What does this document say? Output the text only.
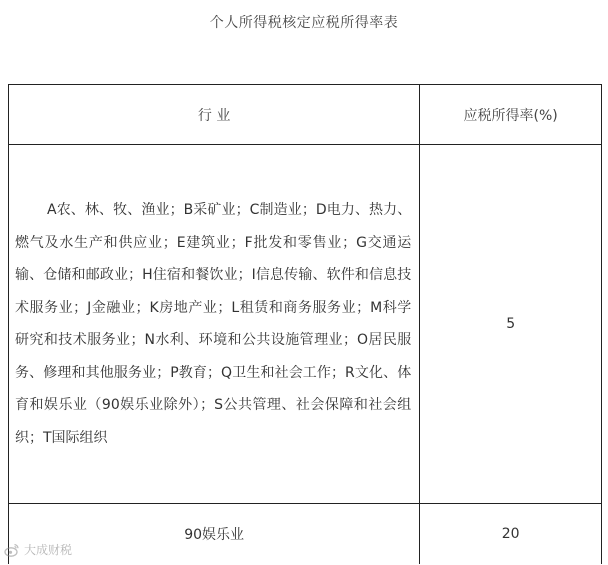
个人所得税核定应税所得率表
行 业	应税所得率(%)

A农、林、牧、渔业；B采矿业；C制造业；D电力、热力、燃气及水生产和供应业；E建筑业；F批发和零售业；G交通运输、仓储和邮政业；H住宿和餐饮业；I信息传输、软件和信息技术服务业；J金融业；K房地产业；L租赁和商务服务业；M科学研究和技术服务业；N水利、环境和公共设施管理业；O居民服务、修理和其他服务业；P教育；Q卫生和社会工作；R文化、体育和娱乐业（90娱乐业除外）；S公共管理、社会保障和社会组织；T国际组织	5
90娱乐业	20
大成财税
